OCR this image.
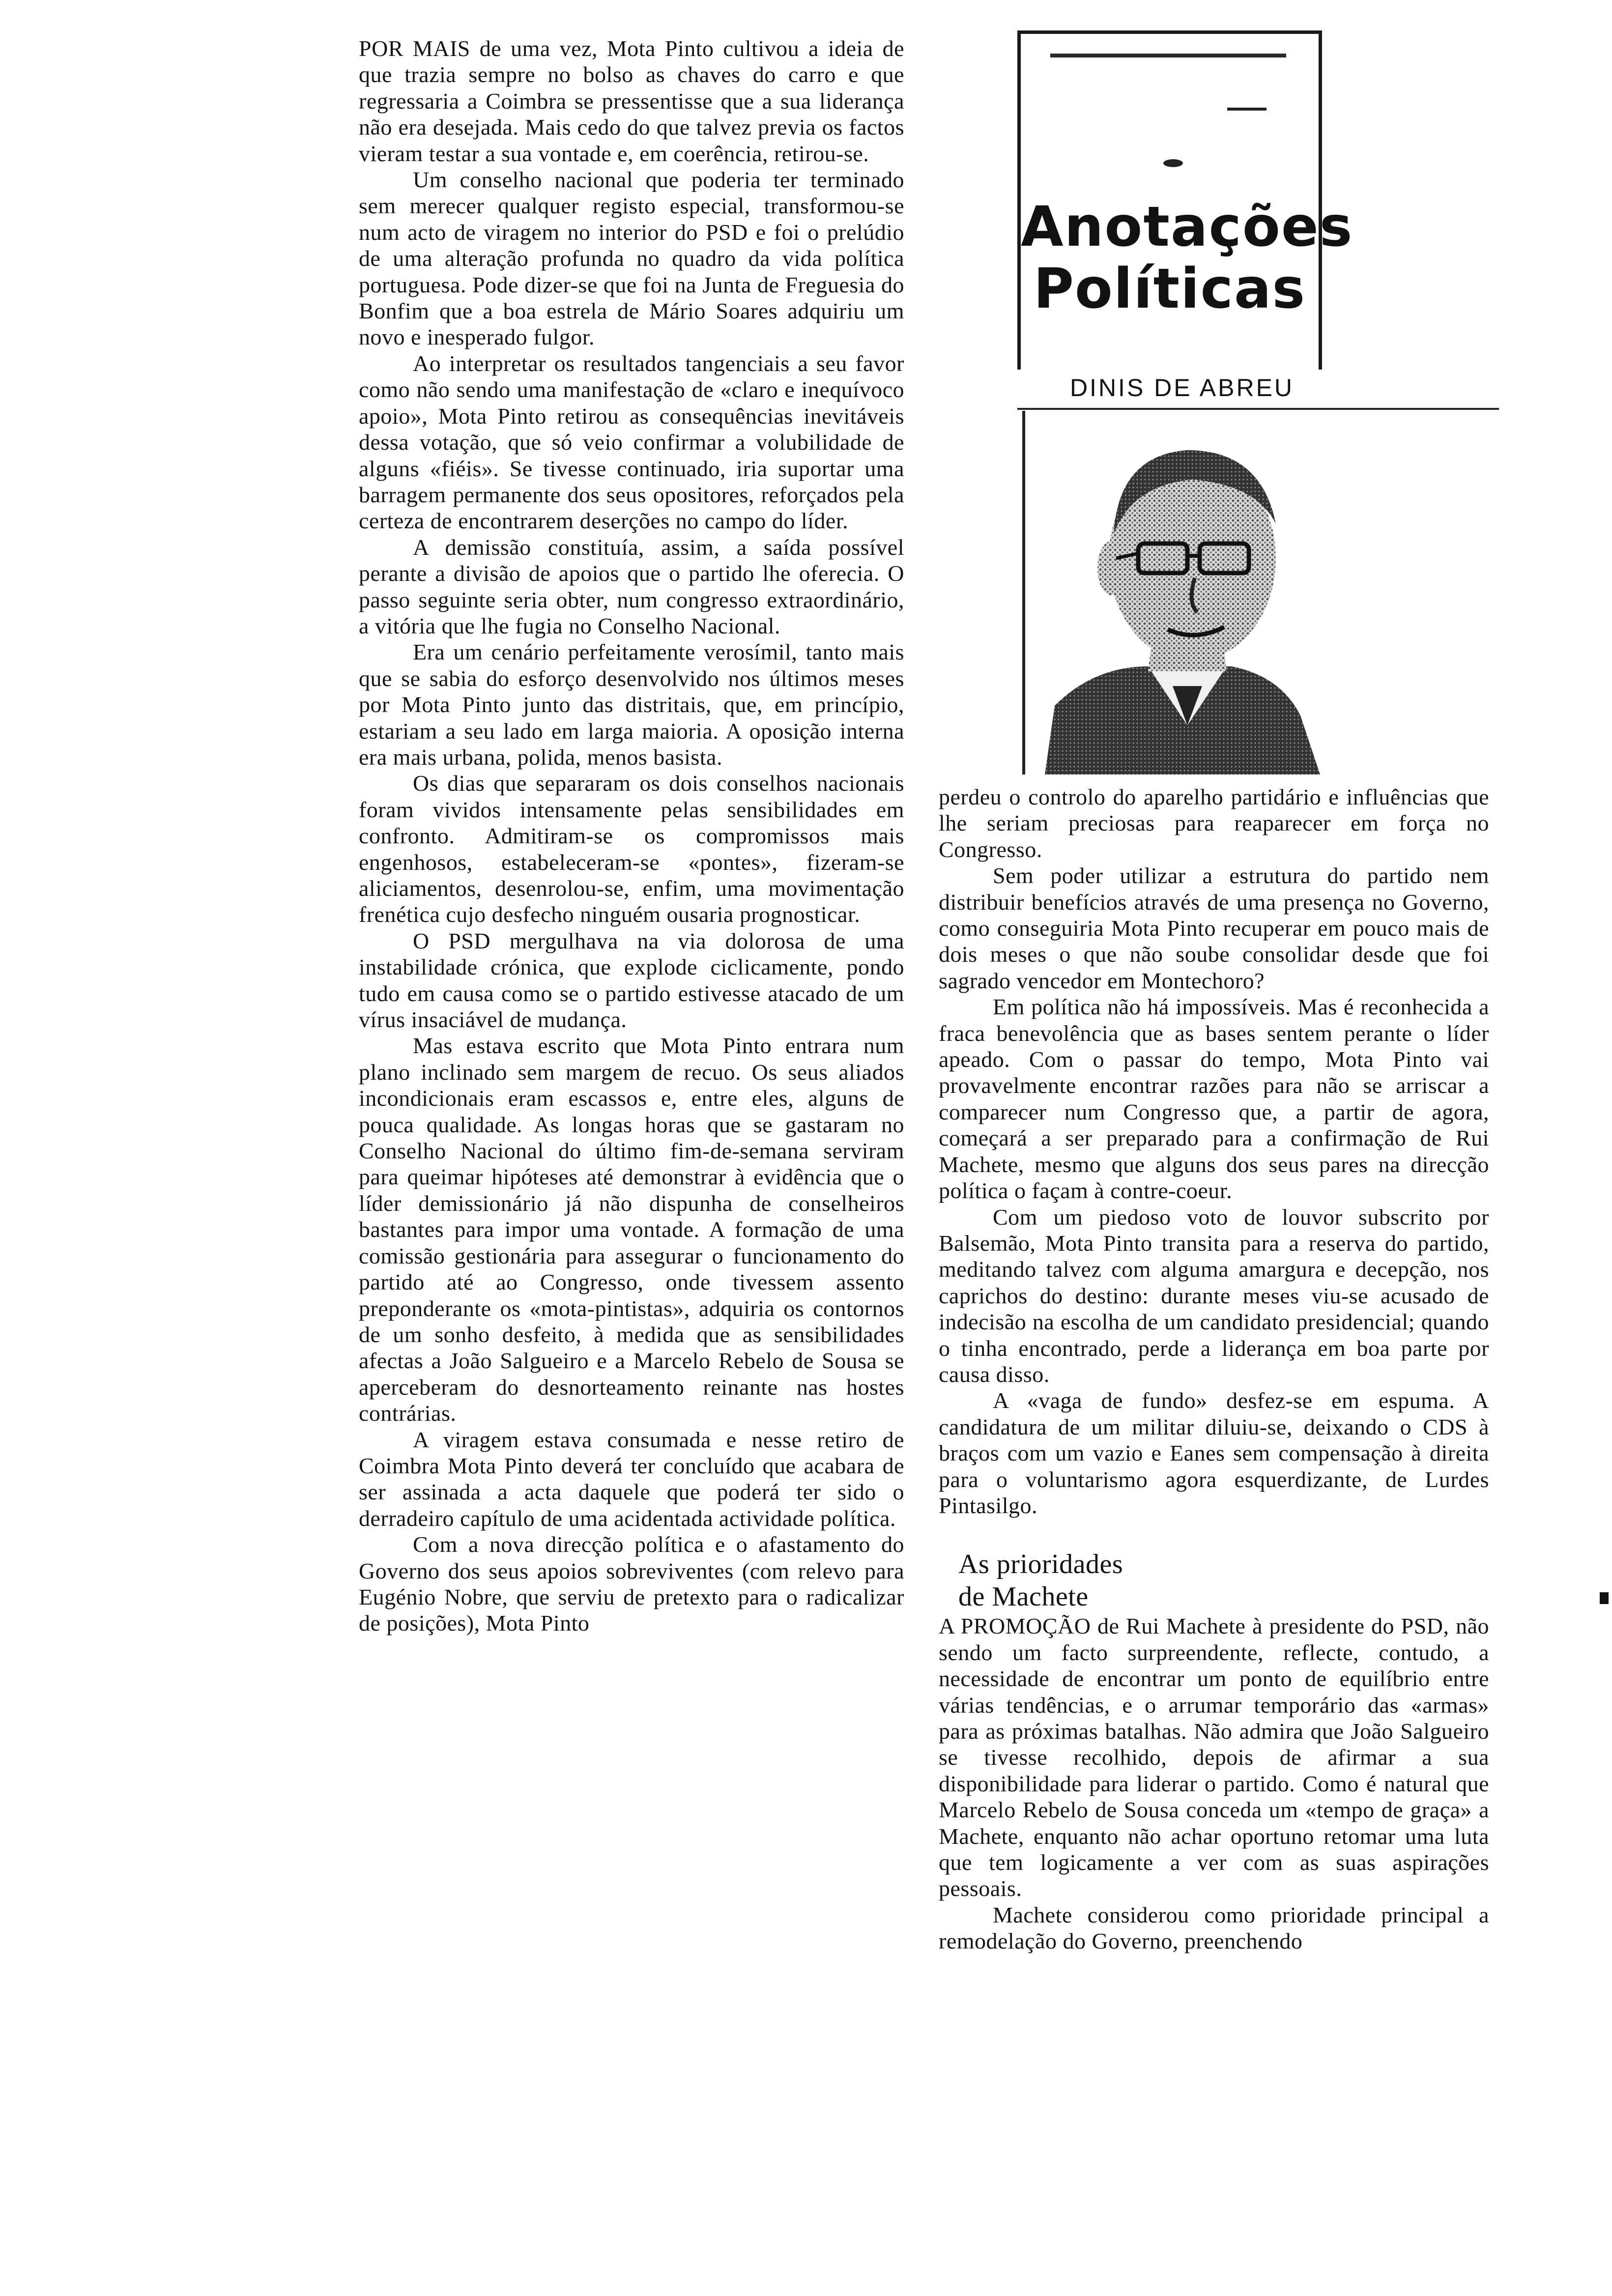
Anotações
Políticas
DINIS DE ABREU

POR MAIS de uma vez, Mota Pinto cultivou a ideia de que trazia sempre no bolso as chaves do carro e que regressaria a Coimbra se pressentisse que a sua liderança não era desejada. Mais cedo do que talvez previa os factos vieram testar a sua vontade e, em coerência, retirou-se.

Um conselho nacional que poderia ter terminado sem merecer qualquer registo especial, transformou-se num acto de viragem no interior do PSD e foi o prelúdio de uma alteração profunda no quadro da vida política portuguesa. Pode dizer-se que foi na Junta de Freguesia do Bonfim que a boa estrela de Mário Soares adquiriu um novo e inesperado fulgor.

Ao interpretar os resultados tangenciais a seu favor como não sendo uma manifestação de «claro e inequívoco apoio», Mota Pinto retirou as consequências inevitáveis dessa votação, que só veio confirmar a volubilidade de alguns «fiéis». Se tivesse continuado, iria suportar uma barragem permanente dos seus opositores, reforçados pela certeza de encontrarem deserções no campo do líder.

A demissão constituía, assim, a saída possível perante a divisão de apoios que o partido lhe oferecia. O passo seguinte seria obter, num congresso extraordinário, a vitória que lhe fugia no Conselho Nacional.

Era um cenário perfeitamente verosímil, tanto mais que se sabia do esforço desenvolvido nos últimos meses por Mota Pinto junto das distritais, que, em princípio, estariam a seu lado em larga maioria. A oposição interna era mais urbana, polida, menos basista.

Os dias que separaram os dois conselhos nacionais foram vividos intensamente pelas sensibilidades em confronto. Admitiram-se os compromissos mais engenhosos, estabeleceram-se «pontes», fizeram-se aliciamentos, desenrolou-se, enfim, uma movimentação frenética cujo desfecho ninguém ousaria prognosticar.

O PSD mergulhava na via dolorosa de uma instabilidade crónica, que explode ciclicamente, pondo tudo em causa como se o partido estivesse atacado de um vírus insaciável de mudança.

Mas estava escrito que Mota Pinto entrara num plano inclinado sem margem de recuo. Os seus aliados incondicionais eram escassos e, entre eles, alguns de pouca qualidade. As longas horas que se gastaram no Conselho Nacional do último fim-de-semana serviram para queimar hipóteses até demonstrar à evidência que o líder demissionário já não dispunha de conselheiros bastantes para impor uma vontade. A formação de uma comissão gestionária para assegurar o funcionamento do partido até ao Congresso, onde tivessem assento preponderante os «mota-pintistas», adquiria os contornos de um sonho desfeito, à medida que as sensibilidades afectas a João Salgueiro e a Marcelo Rebelo de Sousa se aperceberam do desnorteamento reinante nas hostes contrárias.

A viragem estava consumada e nesse retiro de Coimbra Mota Pinto deverá ter concluído que acabara de ser assinada a acta daquele que poderá ter sido o derradeiro capítulo de uma acidentada actividade política.

Com a nova direcção política e o afastamento do Governo dos seus apoios sobreviventes (com relevo para Eugénio Nobre, que serviu de pretexto para o radicalizar de posições), Mota Pinto

perdeu o controlo do aparelho partidário e influências que lhe seriam preciosas para reaparecer em força no Congresso.

Sem poder utilizar a estrutura do partido nem distribuir benefícios através de uma presença no Governo, como conseguiria Mota Pinto recuperar em pouco mais de dois meses o que não soube consolidar desde que foi sagrado vencedor em Montechoro?

Em política não há impossíveis. Mas é reconhecida a fraca benevolência que as bases sentem perante o líder apeado. Com o passar do tempo, Mota Pinto vai provavelmente encontrar razões para não se arriscar a comparecer num Congresso que, a partir de agora, começará a ser preparado para a confirmação de Rui Machete, mesmo que alguns dos seus pares na direcção política o façam à contre-coeur.

Com um piedoso voto de louvor subscrito por Balsemão, Mota Pinto transita para a reserva do partido, meditando talvez com alguma amargura e decepção, nos caprichos do destino: durante meses viu-se acusado de indecisão na escolha de um candidato presidencial; quando o tinha encontrado, perde a liderança em boa parte por causa disso.

A «vaga de fundo» desfez-se em espuma. A candidatura de um militar diluiu-se, deixando o CDS à braços com um vazio e Eanes sem compensação à direita para o voluntarismo agora esquerdizante, de Lurdes Pintasilgo.

As prioridades
de Machete

A PROMOÇÃO de Rui Machete à presidente do PSD, não sendo um facto surpreendente, reflecte, contudo, a necessidade de encontrar um ponto de equilíbrio entre várias tendências, e o arrumar temporário das «armas» para as próximas batalhas. Não admira que João Salgueiro se tivesse recolhido, depois de afirmar a sua disponibilidade para liderar o partido. Como é natural que Marcelo Rebelo de Sousa conceda um «tempo de graça» a Machete, enquanto não achar oportuno retomar uma luta que tem logicamente a ver com as suas aspirações pessoais.

Machete considerou como prioridade principal a remodelação do Governo, preenchendo
